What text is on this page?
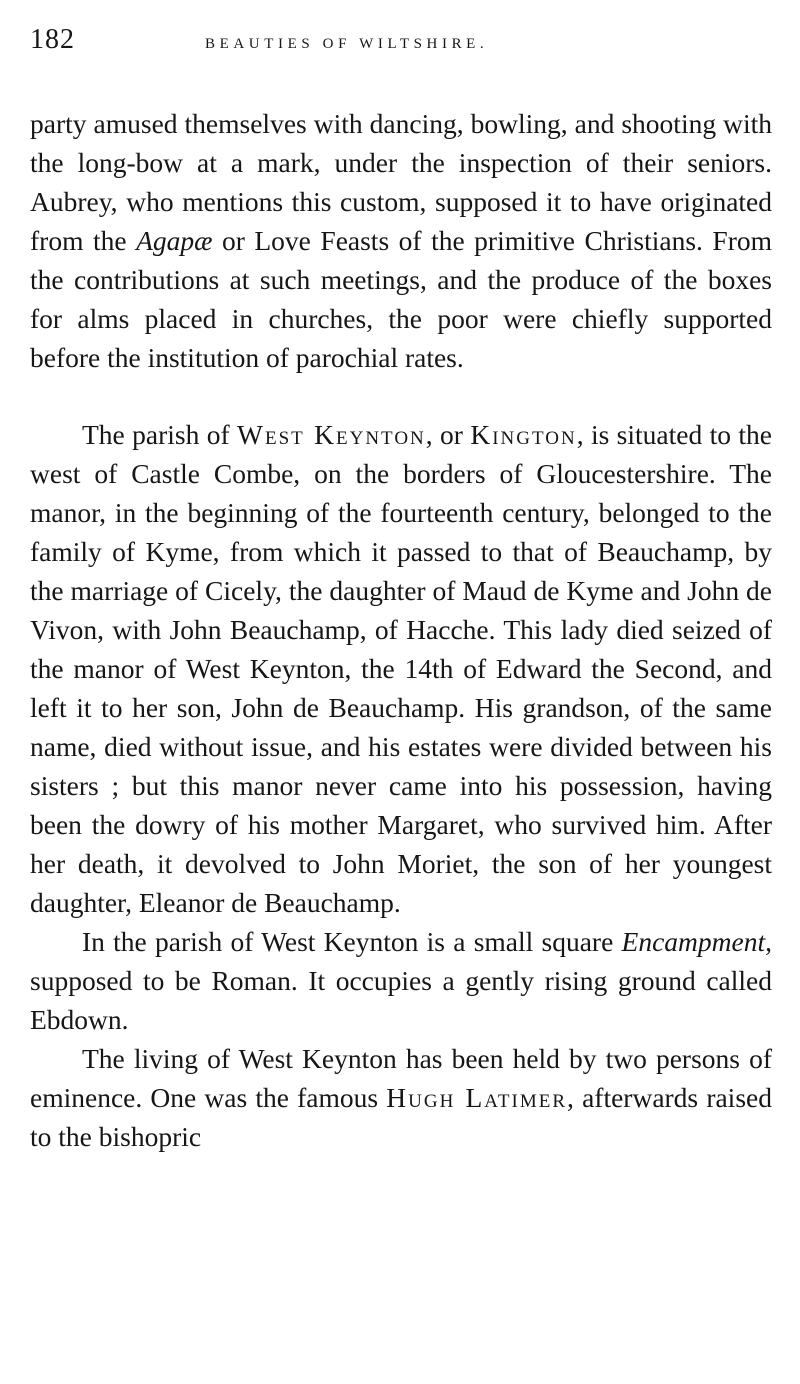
182	BEAUTIES OF WILTSHIRE.

party amused themselves with dancing, bowling, and shooting with the long-bow at a mark, under the inspection of their seniors. Aubrey, who mentions this custom, supposed it to have originated from the Agapæ or Love Feasts of the primitive Christians. From the contributions at such meetings, and the produce of the boxes for alms placed in churches, the poor were chiefly supported before the institution of parochial rates.

The parish of West Keynton, or Kington, is situated to the west of Castle Combe, on the borders of Gloucestershire. The manor, in the beginning of the fourteenth century, belonged to the family of Kyme, from which it passed to that of Beauchamp, by the marriage of Cicely, the daughter of Maud de Kyme and John de Vivon, with John Beauchamp, of Hacche. This lady died seized of the manor of West Keynton, the 14th of Edward the Second, and left it to her son, John de Beauchamp. His grandson, of the same name, died without issue, and his estates were divided between his sisters ; but this manor never came into his possession, having been the dowry of his mother Margaret, who survived him. After her death, it devolved to John Moriet, the son of her youngest daughter, Eleanor de Beauchamp.

In the parish of West Keynton is a small square Encampment, supposed to be Roman. It occupies a gently rising ground called Ebdown.

The living of West Keynton has been held by two persons of eminence. One was the famous Hugh Latimer, afterwards raised to the bishopric
